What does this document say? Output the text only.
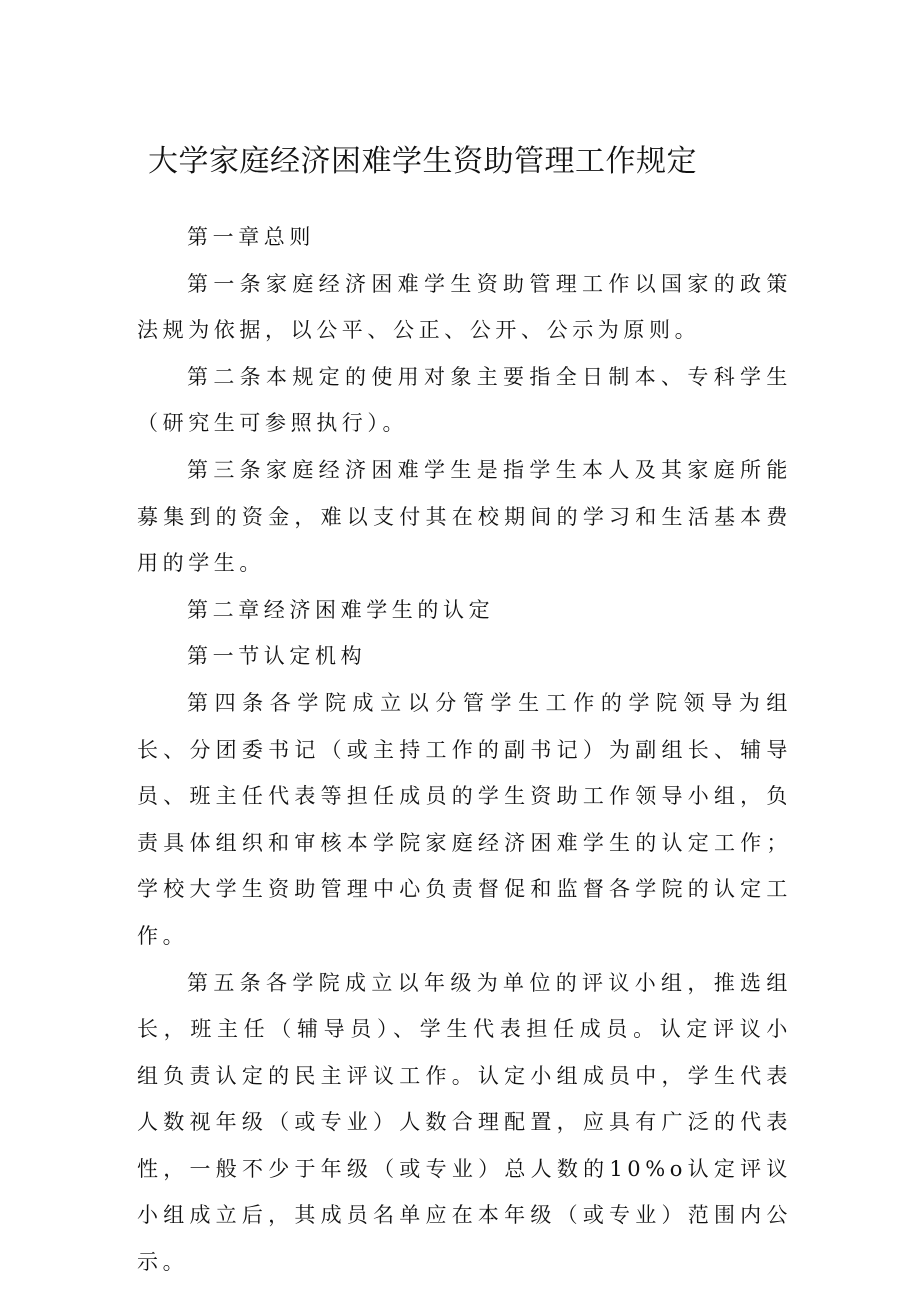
大学家庭经济困难学生资助管理工作规定

第一章总则

第一条家庭经济困难学生资助管理工作以国家的政策法规为依据，以公平、公正、公开、公示为原则。

第二条本规定的使用对象主要指全日制本、专科学生（研究生可参照执行）。

第三条家庭经济困难学生是指学生本人及其家庭所能募集到的资金，难以支付其在校期间的学习和生活基本费用的学生。

第二章经济困难学生的认定

第一节认定机构

第四条各学院成立以分管学生工作的学院领导为组长、分团委书记（或主持工作的副书记）为副组长、辅导员、班主任代表等担任成员的学生资助工作领导小组，负责具体组织和审核本学院家庭经济困难学生的认定工作；学校大学生资助管理中心负责督促和监督各学院的认定工作。

第五条各学院成立以年级为单位的评议小组，推选组长，班主任（辅导员）、学生代表担任成员。认定评议小组负责认定的民主评议工作。认定小组成员中，学生代表人数视年级（或专业）人数合理配置，应具有广泛的代表性，一般不少于年级（或专业）总人数的10%o认定评议小组成立后，其成员名单应在本年级（或专业）范围内公示。
